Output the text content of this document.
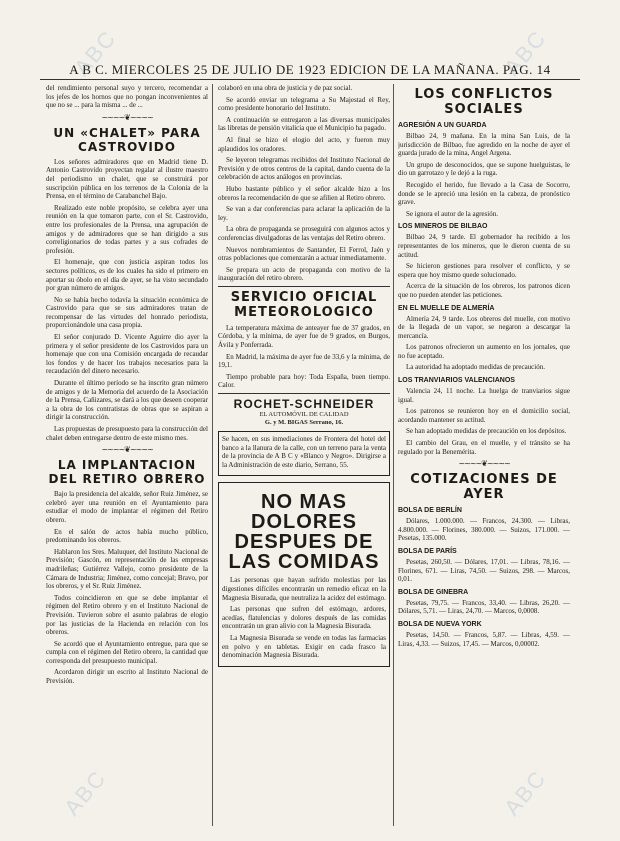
ABC	ABC
ABC	ABC
A B C. MIERCOLES 25 DE JULIO DE 1923 EDICION DE LA MAÑANA. PAG. 14

del rendimiento personal suyo y tercero, recomendar a los jefes de los hornos que no pongan inconvenientes al que no se ... para la misma ... de ...

~~~~❦~~~~
UN «CHALET» PARA CASTROVIDO

Los señores admiradores que en Madrid tiene D. Antonio Castrovido proyectan regalar al ilustre maestro del periodismo un chalet, que se construirá por suscripción pública en los terrenos de la Colonia de la Prensa, en el término de Carabanchel Bajo.

Realizado este noble propósito, se celebra ayer una reunión en la que tomaron parte, con el Sr. Castrovido, entre los profesionales de la Prensa, una agrupación de amigos y de admiradores que se han dirigido a sus correligionarios de todas partes y a sus cofrades de profesión.

El homenaje, que con justicia aspiran todos los sectores políticos, es de los cuales ha sido el primero en aportar su óbolo en el día de ayer, se ha visto secundado por gran número de amigos.

No se había hecho todavía la situación económica de Castrovido para que se sus admiradores tratan de recompensar de las virtudes del honrado periodista, proporcionándole una casa propia.

El señor conjurado D. Vicente Aguirre dio ayer la primera y el señor presidente de los Castrovidos para un homenaje que con una Comisión encargada de recaudar los fondos y de hacer los trabajos necesarios para la recaudación del dinero necesario.

Durante el último período se ha inscrito gran número de amigos y de la Memoria del acuerdo de la Asociación de la Prensa, Cañizares, se dará a los que deseen cooperar a la obra de los contratistas de obras que se aspiran a dirigir la construcción.

Las propuestas de presupuesto para la construcción del chalet deben entregarse dentro de este mismo mes.

~~~~❦~~~~
LA IMPLANTACION DEL RETIRO OBRERO

Bajo la presidencia del alcalde, señor Ruiz Jiménez, se celebró ayer una reunión en el Ayuntamiento para estudiar el modo de implantar el régimen del Retiro obrero.

En el salón de actos había mucho público, predominando los obreros.

Hablaron los Sres. Maluquer, del Instituto Nacional de Previsión; Gascón, en representación de las empresas madrileñas; Gutiérrez Vallejo, como presidente de la Cámara de Industria; Jiménez, como concejal; Bravo, por los obreros, y el Sr. Ruiz Jiménez.

Todos coincidieron en que se debe implantar el régimen del Retiro obrero y en el Instituto Nacional de Previsión. Tuvieron sobre el asunto palabras de elogio por las justicias de la Hacienda en relación con los obreros.

Se acordó que el Ayuntamiento entregue, para que se cumpla con el régimen del Retiro obrero, la cantidad que corresponda del presupuesto municipal.

Acordaron dirigir un escrito al Instituto Nacional de Previsión.

colaboró en una obra de justicia y de paz social.

Se acordó enviar un telegrama a Su Majestad el Rey, como presidente honorario del Instituto.

A continuación se entregaron a las diversas municipales las libretas de pensión vitalicia que el Municipio ha pagado.

Al final se hizo el elogio del acto, y fueron muy aplaudidos los oradores.

Se leyeron telegramas recibidos del Instituto Nacional de Previsión y de otros centros de la capital, dando cuenta de la celebración de actos análogos en provincias.

Hubo bastante público y el señor alcalde hizo a los obreros la recomendación de que se afilien al Retiro obrero.

Se van a dar conferencias para aclarar la aplicación de la ley.

La obra de propaganda se proseguirá con algunos actos y conferencias divulgadoras de las ventajas del Retiro obrero.

Nuevos nombramientos de Santander, El Ferrol, Jaén y otras poblaciones que comenzarán a actuar inmediatamente.

Se prepara un acto de propaganda con motivo de la inauguración del retiro obrero.

SERVICIO OFICIAL METEOROLOGICO

La temperatura máxima de anteayer fue de 37 grados, en Córdoba, y la mínima, de ayer fue de 9 grados, en Burgos, Ávila y Ponferrada.

En Madrid, la máxima de ayer fue de 33,6 y la mínima, de 19,1.

Tiempo probable para hoy: Toda España, buen tiempo. Calor.

ROCHET-SCHNEIDER
EL AUTOMÓVIL DE CALIDAD
G. y M. BIGAS Serrano, 16.

Se hacen, en sus inmediaciones de Frontera del hotel del banco a la llanura de la calle, con un terreno para la venta de la provincia de A B C y «Blanco y Negro». Dirigirse a la Administración de este diario, Serrano, 55.

NO MAS DOLORES DESPUES DE LAS COMIDAS

Las personas que hayan sufrido molestias por las digestiones difíciles encontrarán un remedio eficaz en la Magnesia Bisurada, que neutraliza la acidez del estómago.

Las personas que sufren del estómago, ardores, acedías, flatulencias y dolores después de las comidas encontrarán un gran alivio con la Magnesia Bisurada.

La Magnesia Bisurada se vende en todas las farmacias en polvo y en tabletas. Exigir en cada frasco la denominación Magnesia Bisurada.

LOS CONFLICTOS SOCIALES
AGRESIÓN A UN GUARDA

Bilbao 24, 9 mañana. En la mina San Luis, de la jurisdicción de Bilbao, fue agredido en la noche de ayer el guarda jurado de la mina, Angel Argena.

Un grupo de desconocidos, que se supone huelguistas, le dio un garrotazo y le dejó a la ruga.

Recogido el herido, fue llevado a la Casa de Socorro, donde se le apreció una lesión en la cabeza, de pronóstico grave.

Se ignora el autor de la agresión.

LOS MINEROS DE BILBAO

Bilbao 24, 9 tarde. El gobernador ha recibido a los representantes de los mineros, que le dieron cuenta de su actitud.

Se hicieron gestiones para resolver el conflicto, y se espera que hoy mismo quede solucionado.

Acerca de la situación de los obreros, los patronos dicen que no pueden atender las peticiones.

EN EL MUELLE DE ALMERÍA

Almería 24, 9 tarde. Los obreros del muelle, con motivo de la llegada de un vapor, se negaron a descargar la mercancía.

Los patronos ofrecieron un aumento en los jornales, que no fue aceptado.

La autoridad ha adoptado medidas de precaución.

LOS TRANVIARIOS VALENCIANOS

Valencia 24, 11 noche. La huelga de tranviarios sigue igual.

Los patronos se reunieron hoy en el domicilio social, acordando mantener su actitud.

Se han adoptado medidas de precaución en los depósitos.

El cambio del Grau, en el muelle, y el tránsito se ha regulado por la Benemérita.

~~~~❦~~~~
COTIZACIONES DE AYER
BOLSA DE BERLÍN

Dólares, 1.000.000. — Francos, 24.300. — Libras, 4.800.000. — Florines, 380.000. — Suizos, 171.000. — Pesetas, 135.000.

BOLSA DE PARÍS

Pesetas, 260,50. — Dólares, 17,01. — Libras, 78,16. — Florines, 671. — Liras, 74,50. — Suizos, 298. — Marcos, 0,01.

BOLSA DE GINEBRA

Pesetas, 79,75. — Francos, 33,40. — Libras, 26,20. — Dólares, 5,71. — Liras, 24,70. — Marcos, 0,0008.

BOLSA DE NUEVA YORK

Pesetas, 14,50. — Francos, 5,87. — Libras, 4,59. — Liras, 4,33. — Suizos, 17,45. — Marcos, 0,00002.
